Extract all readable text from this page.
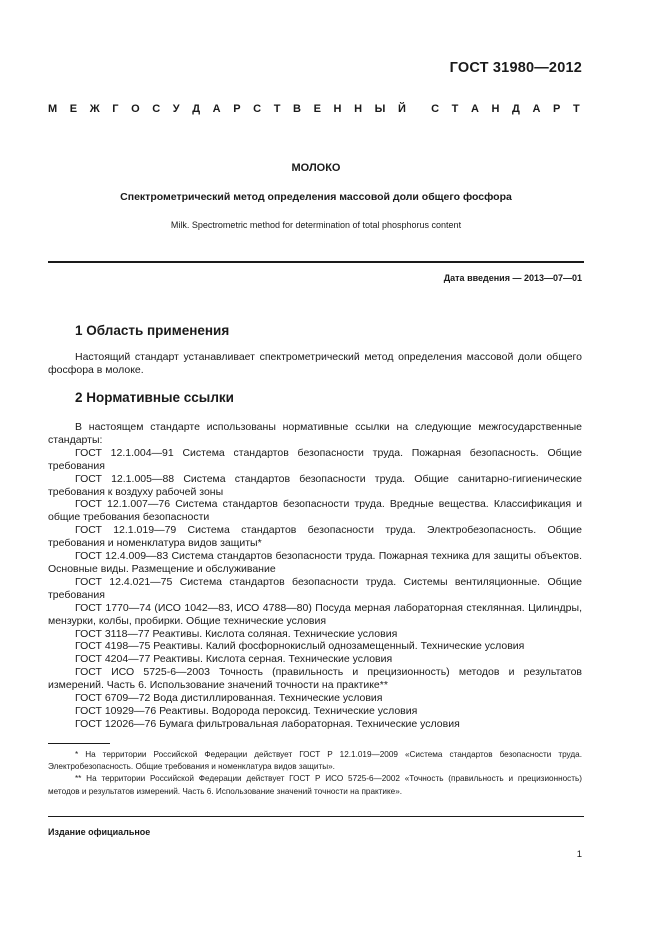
ГОСТ 31980—2012
М Е Ж Г О С У Д А Р С Т В Е Н Н Ы Й С Т А Н Д А Р Т
МОЛОКО
Спектрометрический метод определения массовой доли общего фосфора
Milk. Spectrometric method for determination of total phosphorus content
Дата введения — 2013—07—01
1 Область применения

Настоящий стандарт устанавливает спектрометрический метод определения массовой доли общего фосфора в молоке.

2 Нормативные ссылки

В настоящем стандарте использованы нормативные ссылки на следующие межгосударственные стандарты:

ГОСТ 12.1.004—91 Система стандартов безопасности труда. Пожарная безопасность. Общие требования

ГОСТ 12.1.005—88 Система стандартов безопасности труда. Общие санитарно-гигиенические требования к воздуху рабочей зоны

ГОСТ 12.1.007—76 Система стандартов безопасности труда. Вредные вещества. Классификация и общие требования безопасности

ГОСТ 12.1.019—79 Система стандартов безопасности труда. Электробезопасность. Общие требования и номенклатура видов защиты*

ГОСТ 12.4.009—83 Система стандартов безопасности труда. Пожарная техника для защиты объектов. Основные виды. Размещение и обслуживание

ГОСТ 12.4.021—75 Система стандартов безопасности труда. Системы вентиляционные. Общие требования

ГОСТ 1770—74 (ИСО 1042—83, ИСО 4788—80) Посуда мерная лабораторная стеклянная. Цилиндры, мензурки, колбы, пробирки. Общие технические условия

ГОСТ 3118—77 Реактивы. Кислота соляная. Технические условия

ГОСТ 4198—75 Реактивы. Калий фосфорнокислый однозамещенный. Технические условия

ГОСТ 4204—77 Реактивы. Кислота серная. Технические условия

ГОСТ ИСО 5725-6—2003 Точность (правильность и прецизионность) методов и результатов измерений. Часть 6. Использование значений точности на практике**

ГОСТ 6709—72 Вода дистиллированная. Технические условия

ГОСТ 10929—76 Реактивы. Водорода пероксид. Технические условия

ГОСТ 12026—76 Бумага фильтровальная лабораторная. Технические условия

* На территории Российской Федерации действует ГОСТ Р 12.1.019—2009 «Система стандартов безопасности труда. Электробезопасность. Общие требования и номенклатура видов защиты».

** На территории Российской Федерации действует ГОСТ Р ИСО 5725-6—2002 «Точность (правильность и прецизионность) методов и результатов измерений. Часть 6. Использование значений точности на практике».

Издание официальное
1
